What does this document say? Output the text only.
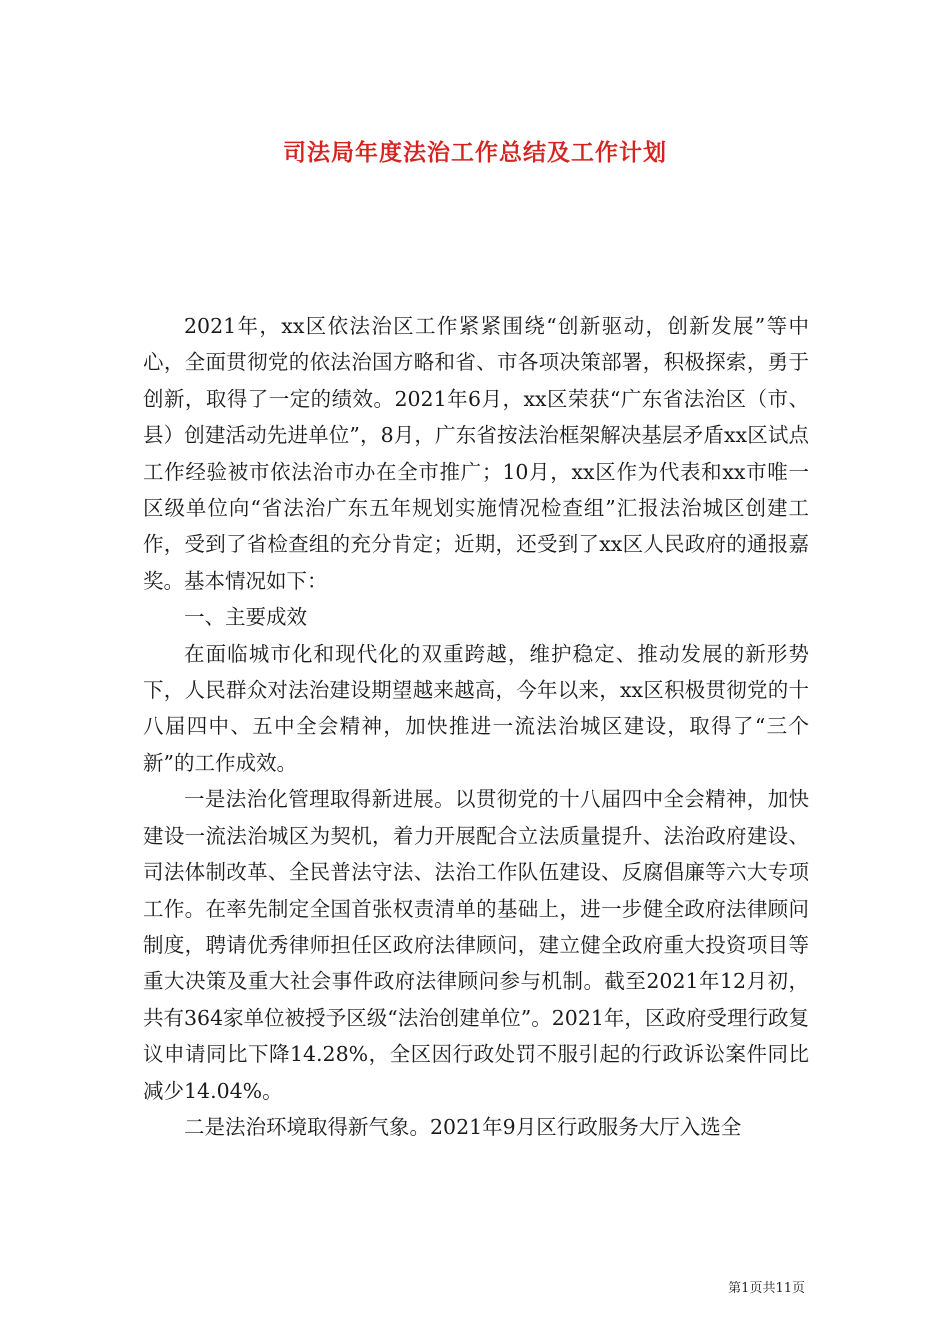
司法局年度法治工作总结及工作计划

2021年，xx区依法治区工作紧紧围绕“创新驱动，创新发展”等中心，全面贯彻党的依法治国方略和省、市各项决策部署，积极探索，勇于创新，取得了一定的绩效。2021年6月，xx区荣获“广东省法治区（市、县）创建活动先进单位”，8月，广东省按法治框架解决基层矛盾xx区试点工作经验被市依法治市办在全市推广；10月，xx区作为代表和xx市唯一区级单位向“省法治广东五年规划实施情况检查组”汇报法治城区创建工作，受到了省检查组的充分肯定；近期，还受到了xx区人民政府的通报嘉奖。基本情况如下：

一、主要成效

在面临城市化和现代化的双重跨越，维护稳定、推动发展的新形势下，人民群众对法治建设期望越来越高，今年以来，xx区积极贯彻党的十八届四中、五中全会精神，加快推进一流法治城区建设，取得了“三个新”的工作成效。

一是法治化管理取得新进展。以贯彻党的十八届四中全会精神，加快建设一流法治城区为契机，着力开展配合立法质量提升、法治政府建设、司法体制改革、全民普法守法、法治工作队伍建设、反腐倡廉等六大专项工作。在率先制定全国首张权责清单的基础上，进一步健全政府法律顾问制度，聘请优秀律师担任区政府法律顾问，建立健全政府重大投资项目等重大决策及重大社会事件政府法律顾问参与机制。截至2021年12月初，共有364家单位被授予区级“法治创建单位”。2021年，区政府受理行政复议申请同比下降14.28%，全区因行政处罚不服引起的行政诉讼案件同比减少14.04%。

二是法治环境取得新气象。2021年9月区行政服务大厅入选全

第1页共11页
